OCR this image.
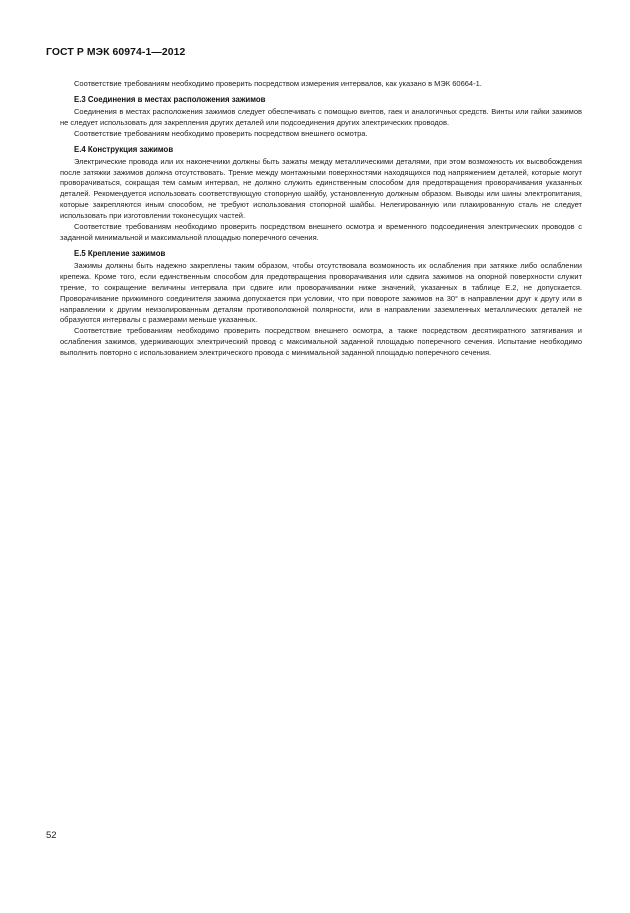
ГОСТ Р МЭК 60974-1—2012

Соответствие требованиям необходимо проверить посредством измерения интервалов, как указано в МЭК 60664-1.

Е.3 Соединения в местах расположения зажимов

Соединения в местах расположения зажимов следует обеспечивать с помощью винтов, гаек и аналогичных средств. Винты или гайки зажимов не следует использовать для закрепления других деталей или подсоединения других электрических проводов.

Соответствие требованиям необходимо проверить посредством внешнего осмотра.

Е.4 Конструкция зажимов

Электрические провода или их наконечники должны быть зажаты между металлическими деталями, при этом возможность их высвобождения после затяжки зажимов должна отсутствовать. Трение между монтажными поверхностями находящихся под напряжением деталей, которые могут проворачиваться, сокращая тем самым интервал, не должно служить единственным способом для предотвращения проворачивания указанных деталей. Рекомендуется использовать соответствующую стопорную шайбу, установленную должным образом. Выводы или шины электропитания, которые закрепляются иным способом, не требуют использования стопорной шайбы. Нелегированную или плакированную сталь не следует использовать при изготовлении токонесущих частей.

Соответствие требованиям необходимо проверить посредством внешнего осмотра и временного подсоединения электрических проводов с заданной минимальной и максимальной площадью поперечного сечения.

Е.5 Крепление зажимов

Зажимы должны быть надежно закреплены таким образом, чтобы отсутствовала возможность их ослабления при затяжке либо ослаблении крепежа. Кроме того, если единственным способом для предотвращения проворачивания или сдвига зажимов на опорной поверхности служит трение, то сокращение величины интервала при сдвиге или проворачивании ниже значений, указанных в таблице Е.2, не допускается. Проворачивание прижимного соединителя зажима допускается при условии, что при повороте зажимов на 30° в направлении друг к другу или в направлении к другим неизолированным деталям противоположной полярности, или в направлении заземленных металлических деталей не образуются интервалы с размерами меньше указанных.

Соответствие требованиям необходимо проверить посредством внешнего осмотра, а также посредством десятикратного затягивания и ослабления зажимов, удерживающих электрический провод с максимальной заданной площадью поперечного сечения. Испытание необходимо выполнить повторно с использованием электрического провода с минимальной заданной площадью поперечного сечения.

52
